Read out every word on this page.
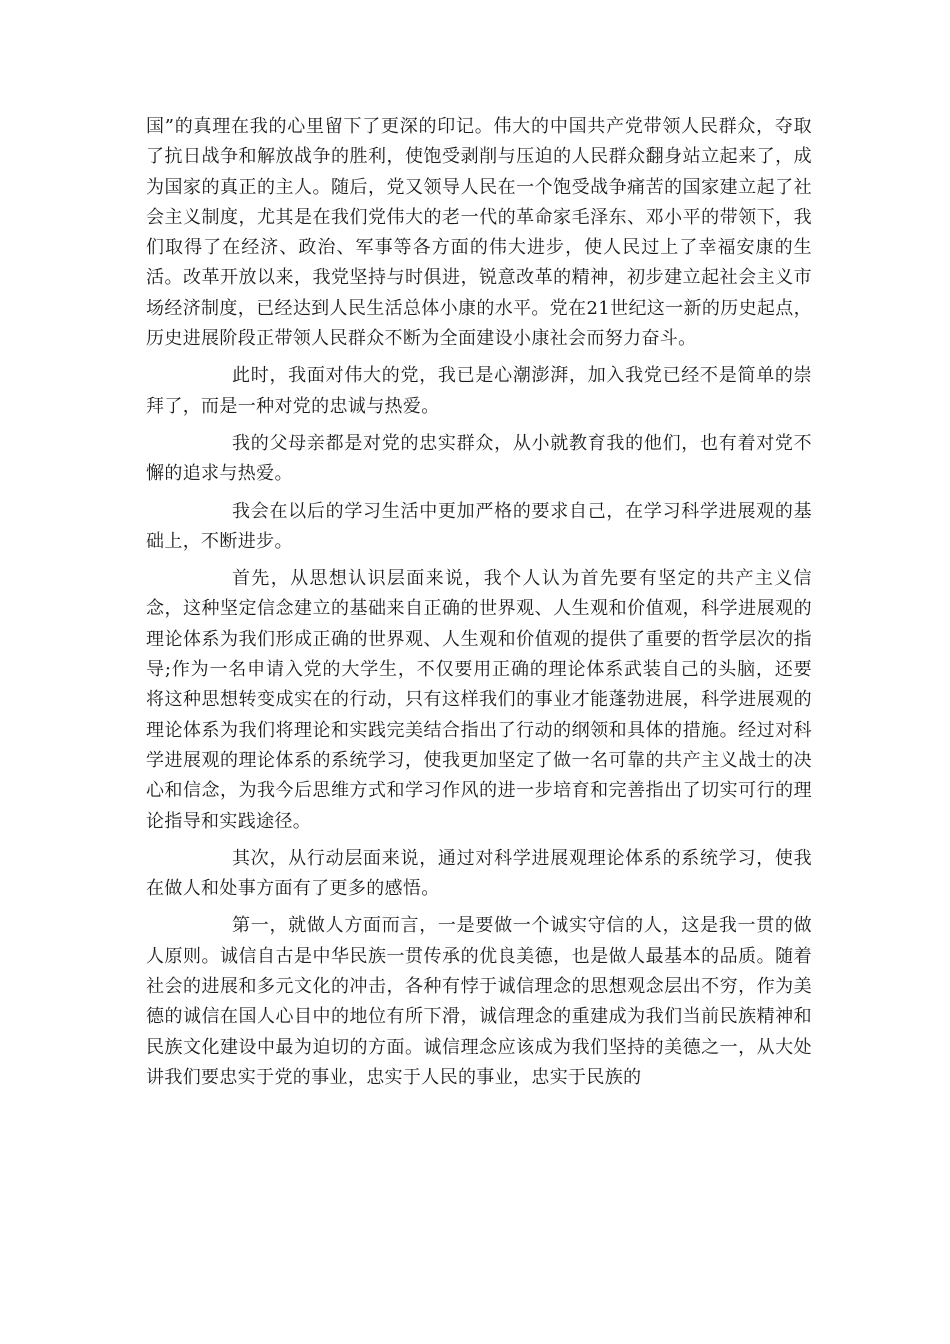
国”的真理在我的心里留下了更深的印记。伟大的中国共产党带领人民群众，夺取了抗日战争和解放战争的胜利，使饱受剥削与压迫的人民群众翻身站立起来了，成为国家的真正的主人。随后，党又领导人民在一个饱受战争痛苦的国家建立起了社会主义制度，尤其是在我们党伟大的老一代的革命家毛泽东、邓小平的带领下，我们取得了在经济、政治、军事等各方面的伟大进步，使人民过上了幸福安康的生活。改革开放以来，我党坚持与时俱进，锐意改革的精神，初步建立起社会主义市场经济制度，已经达到人民生活总体小康的水平。党在21世纪这一新的历史起点，历史进展阶段正带领人民群众不断为全面建设小康社会而努力奋斗。

此时，我面对伟大的党，我已是心潮澎湃，加入我党已经不是简单的崇拜了，而是一种对党的忠诚与热爱。

我的父母亲都是对党的忠实群众，从小就教育我的他们，也有着对党不懈的追求与热爱。

我会在以后的学习生活中更加严格的要求自己，在学习科学进展观的基础上，不断进步。

首先，从思想认识层面来说，我个人认为首先要有坚定的共产主义信念，这种坚定信念建立的基础来自正确的世界观、人生观和价值观，科学进展观的理论体系为我们形成正确的世界观、人生观和价值观的提供了重要的哲学层次的指导;作为一名申请入党的大学生，不仅要用正确的理论体系武装自己的头脑，还要将这种思想转变成实在的行动，只有这样我们的事业才能蓬勃进展，科学进展观的理论体系为我们将理论和实践完美结合指出了行动的纲领和具体的措施。经过对科学进展观的理论体系的系统学习，使我更加坚定了做一名可靠的共产主义战士的决心和信念，为我今后思维方式和学习作风的进一步培育和完善指出了切实可行的理论指导和实践途径。

其次，从行动层面来说，通过对科学进展观理论体系的系统学习，使我在做人和处事方面有了更多的感悟。

第一，就做人方面而言，一是要做一个诚实守信的人，这是我一贯的做人原则。诚信自古是中华民族一贯传承的优良美德，也是做人最基本的品质。随着社会的进展和多元文化的冲击，各种有悖于诚信理念的思想观念层出不穷，作为美德的诚信在国人心目中的地位有所下滑，诚信理念的重建成为我们当前民族精神和民族文化建设中最为迫切的方面。诚信理念应该成为我们坚持的美德之一，从大处讲我们要忠实于党的事业，忠实于人民的事业，忠实于民族的
